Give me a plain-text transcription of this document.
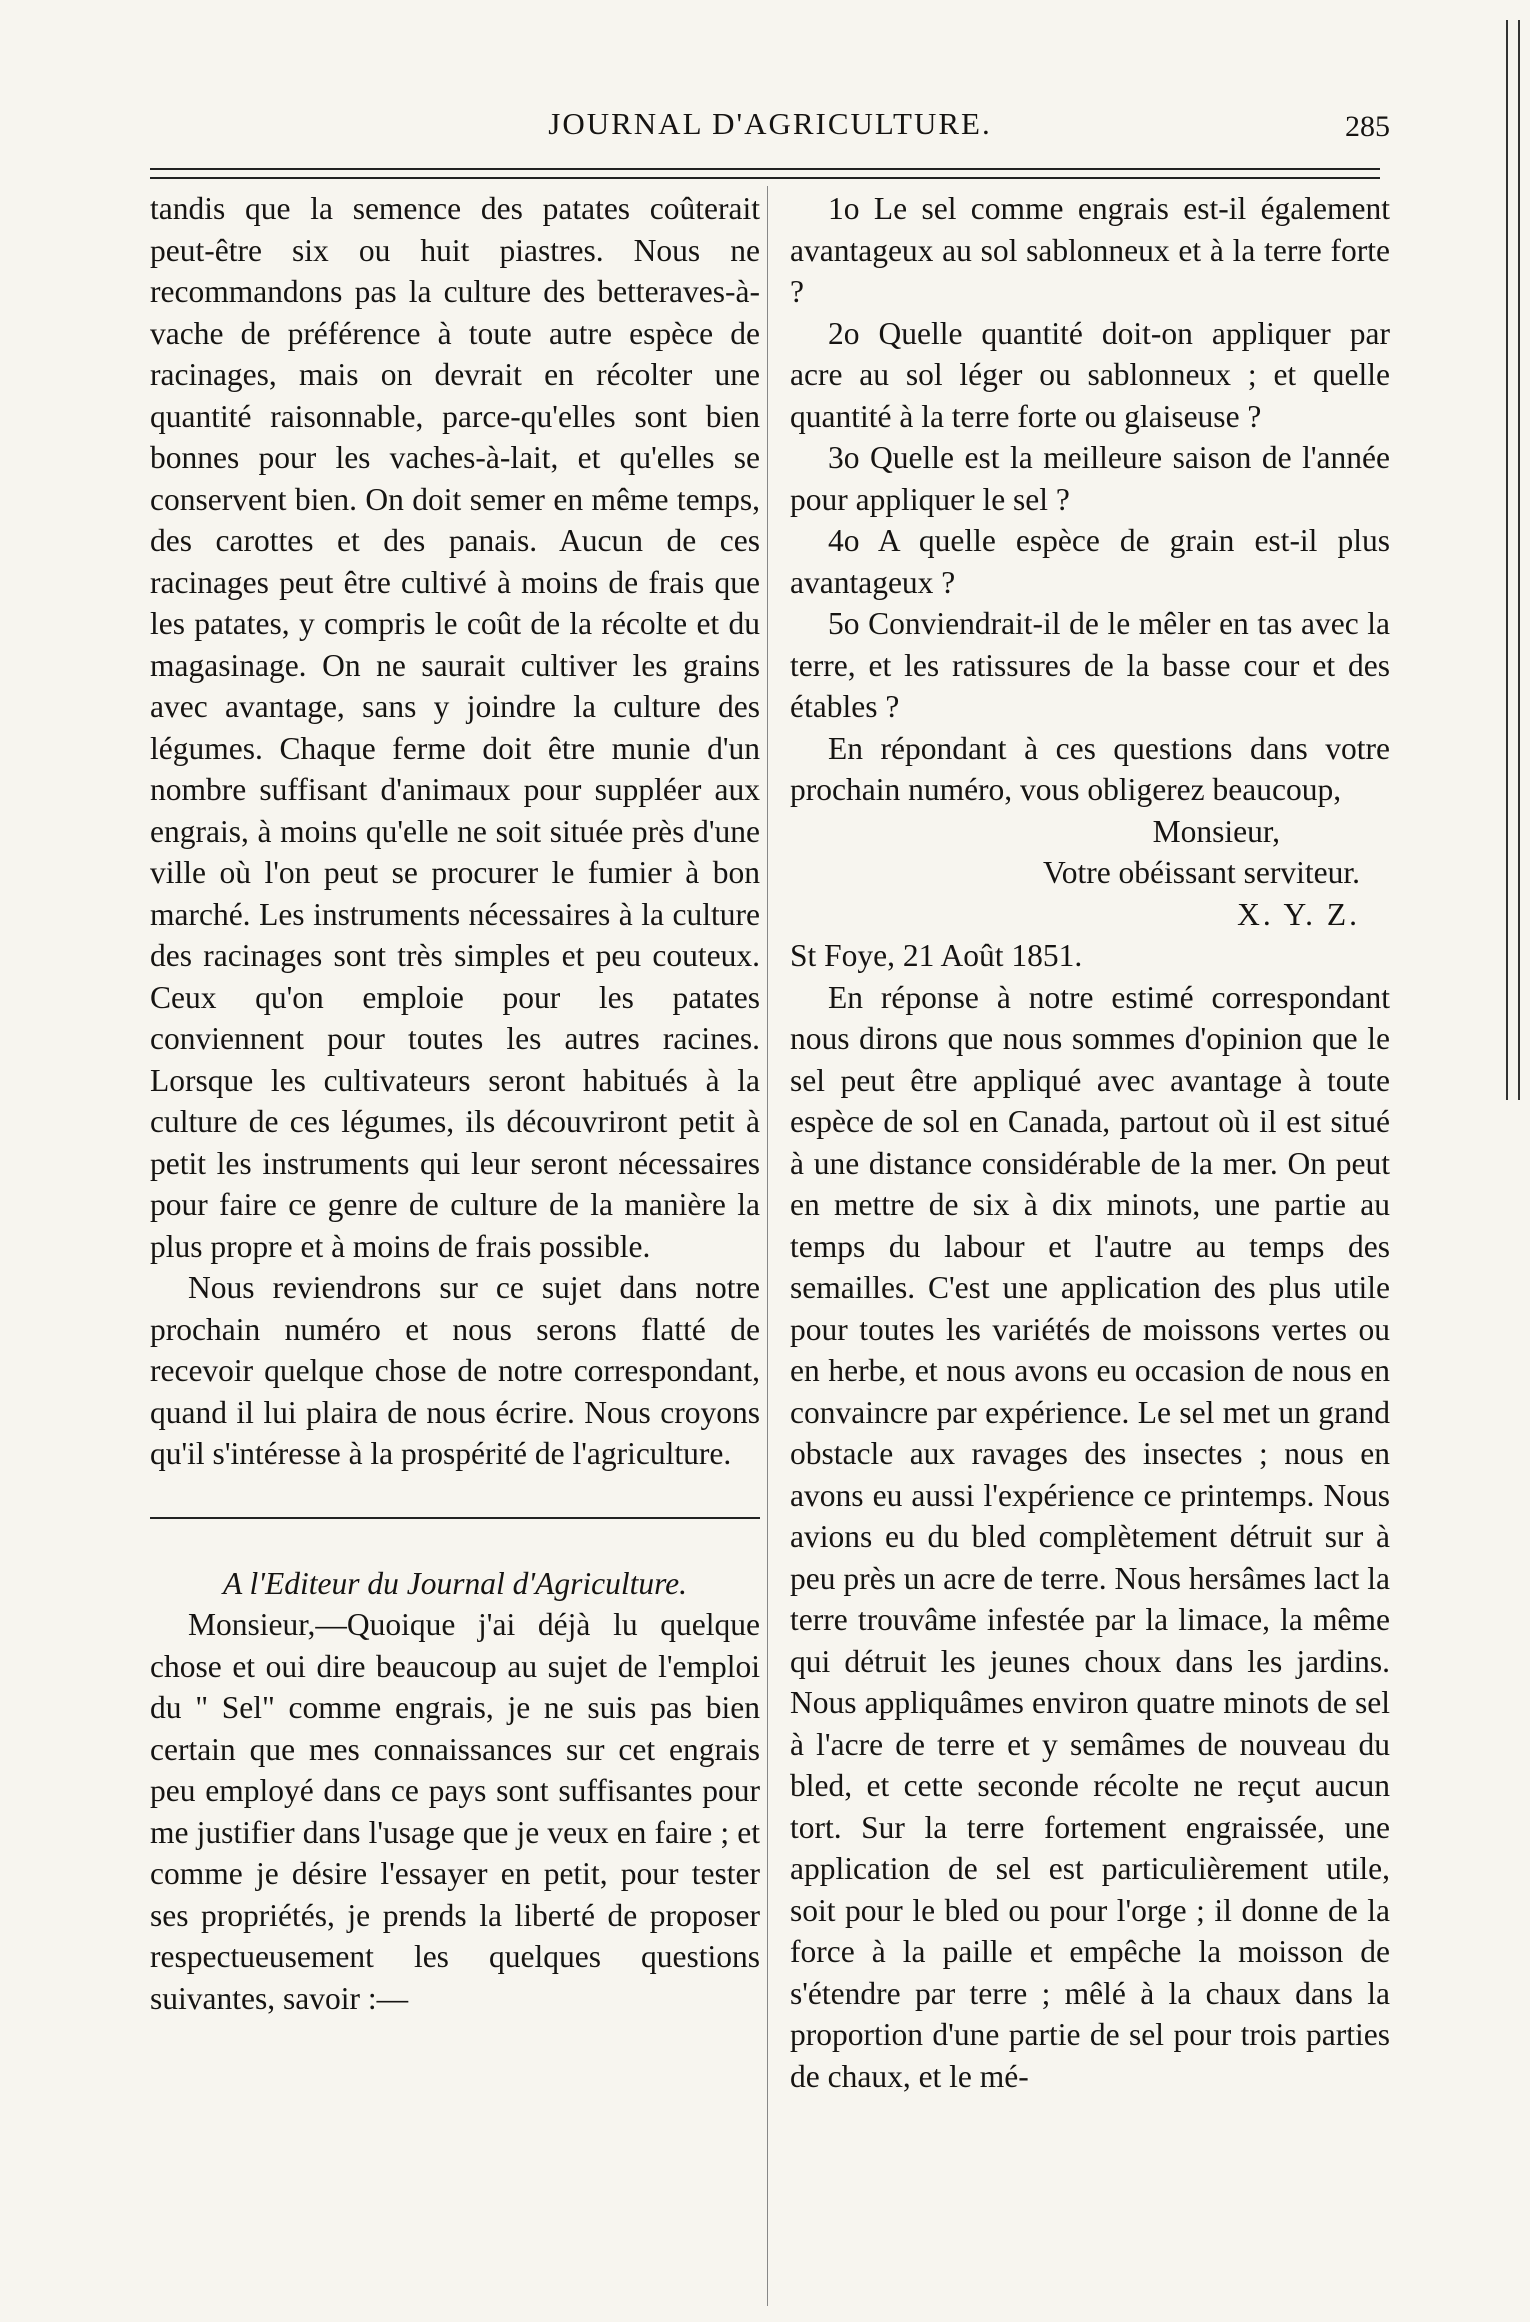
JOURNAL D'AGRICULTURE.	285

tandis que la semence des patates coûterait peut-être six ou huit piastres. Nous ne recommandons pas la culture des betteraves-à-vache de préférence à toute autre espèce de racinages, mais on devrait en récolter une quantité raisonnable, parce-qu'elles sont bien bonnes pour les vaches-à-lait, et qu'elles se conservent bien. On doit semer en même temps, des carottes et des panais. Aucun de ces racinages peut être cultivé à moins de frais que les patates, y compris le coût de la récolte et du magasinage. On ne saurait cultiver les grains avec avantage, sans y joindre la culture des légumes. Chaque ferme doit être munie d'un nombre suffisant d'animaux pour suppléer aux engrais, à moins qu'elle ne soit située près d'une ville où l'on peut se procurer le fumier à bon marché. Les instruments nécessaires à la culture des racinages sont très simples et peu couteux. Ceux qu'on emploie pour les patates conviennent pour toutes les autres racines. Lorsque les cultivateurs seront habitués à la culture de ces légumes, ils découvriront petit à petit les instruments qui leur seront nécessaires pour faire ce genre de culture de la manière la plus propre et à moins de frais possible.

Nous reviendrons sur ce sujet dans notre prochain numéro et nous serons flatté de recevoir quelque chose de notre correspondant, quand il lui plaira de nous écrire. Nous croyons qu'il s'intéresse à la prospérité de l'agriculture.

A l'Editeur du Journal d'Agriculture.

Monsieur,—Quoique j'ai déjà lu quelque chose et oui dire beaucoup au sujet de l'emploi du " Sel" comme engrais, je ne suis pas bien certain que mes connaissances sur cet engrais peu employé dans ce pays sont suffisantes pour me justifier dans l'usage que je veux en faire ; et comme je désire l'essayer en petit, pour tester ses propriétés, je prends la liberté de proposer respectueusement les quelques questions suivantes, savoir :—

1o Le sel comme engrais est-il également avantageux au sol sablonneux et à la terre forte ?

2o Quelle quantité doit-on appliquer par acre au sol léger ou sablonneux ; et quelle quantité à la terre forte ou glaiseuse ?

3o Quelle est la meilleure saison de l'année pour appliquer le sel ?

4o A quelle espèce de grain est-il plus avantageux ?

5o Conviendrait-il de le mêler en tas avec la terre, et les ratissures de la basse cour et des étables ?

En répondant à ces questions dans votre prochain numéro, vous obligerez beaucoup,

Monsieur,

Votre obéissant serviteur.

X. Y. Z.

St Foye, 21 Août 1851.

En réponse à notre estimé correspondant nous dirons que nous sommes d'opinion que le sel peut être appliqué avec avantage à toute espèce de sol en Canada, partout où il est situé à une distance considérable de la mer. On peut en mettre de six à dix minots, une partie au temps du labour et l'autre au temps des semailles. C'est une application des plus utile pour toutes les variétés de moissons vertes ou en herbe, et nous avons eu occasion de nous en convaincre par expérience. Le sel met un grand obstacle aux ravages des insectes ; nous en avons eu aussi l'expérience ce printemps. Nous avions eu du bled complètement détruit sur à peu près un acre de terre. Nous hersâmes lact la terre trouvâme infestée par la limace, la même qui détruit les jeunes choux dans les jardins. Nous appliquâmes environ quatre minots de sel à l'acre de terre et y semâmes de nouveau du bled, et cette seconde récolte ne reçut aucun tort. Sur la terre fortement engraissée, une application de sel est particulièrement utile, soit pour le bled ou pour l'orge ; il donne de la force à la paille et empêche la moisson de s'étendre par terre ; mêlé à la chaux dans la proportion d'une partie de sel pour trois parties de chaux, et le mé-
